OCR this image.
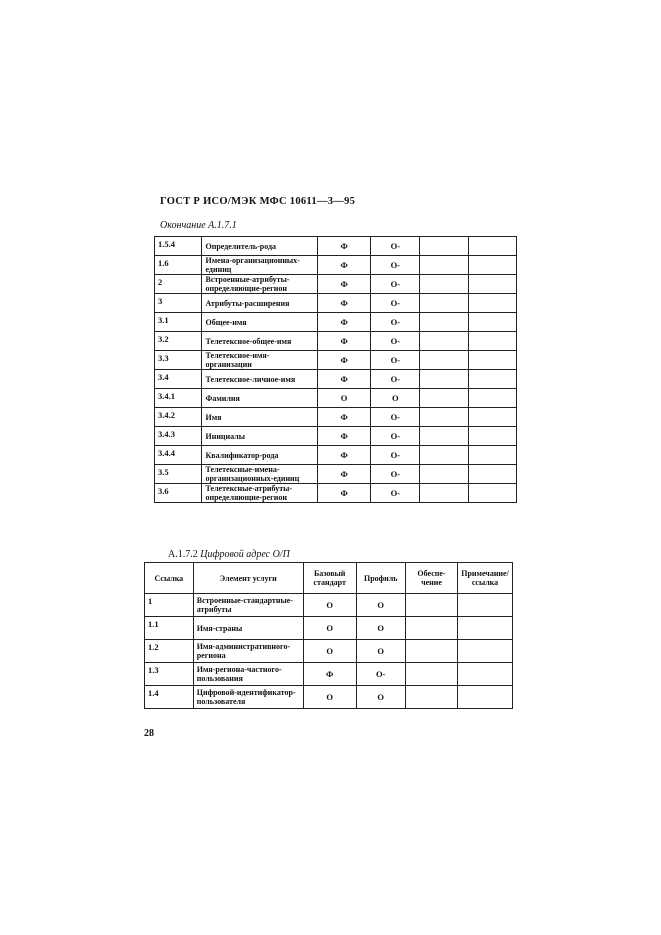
ГОСТ Р ИСО/МЭК МФС 10611—3—95
Окончание А.1.7.1
1.5.4	Определитель-рода	Ф	О-		
1.6	Имена-организационных-единиц	Ф	О-		
2	Встроенные-атрибуты-определяющие-регион	Ф	О-		
3	Атрибуты-расширения	Ф	О-		
3.1	Общее-имя	Ф	О-		
3.2	Телетексное-общее-имя	Ф	О-		
3.3	Телетексное-имя-организации	Ф	О-		
3.4	Телетексное-личное-имя	Ф	О-		
3.4.1	Фамилия	О	О		
3.4.2	Имя	Ф	О-		
3.4.3	Инициалы	Ф	О-		
3.4.4	Квалификатор-рода	Ф	О-		
3.5	Телетексные-имена-организационных-единиц	Ф	О-		
3.6	Телетексные-атрибуты-определяющие-регион	Ф	О-		
А.1.7.2 Цифровой адрес О/П
Ссылка	Элемент услуги	Базовый стандарт	Профиль	Обеспе-чение	Примечание/ссылка
1	Встроенные-стандартные-атрибуты	О	О		
1.1	Имя-страны	О	О		
1.2	Имя-административного-региона	О	О		
1.3	Имя-региона-частного-пользования	Ф	О-		
1.4	Цифровой-идентификатор-пользователя	О	О		
28
